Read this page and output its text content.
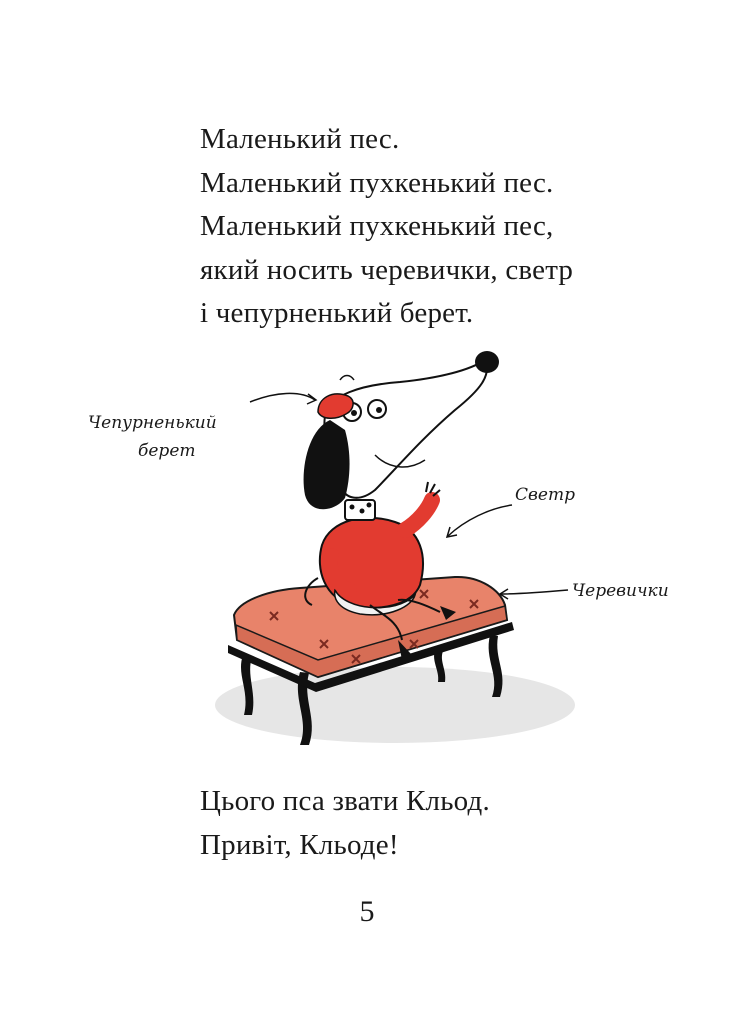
Маленький пес.

Маленький пухкенький пес.

Маленький пухкенький пес,

який носить черевички, светр

і чепурненький берет.

Чепурненький
берет
Светр
Черевички

Цього пса звати Кльод.

Привіт, Кльоде!

5
